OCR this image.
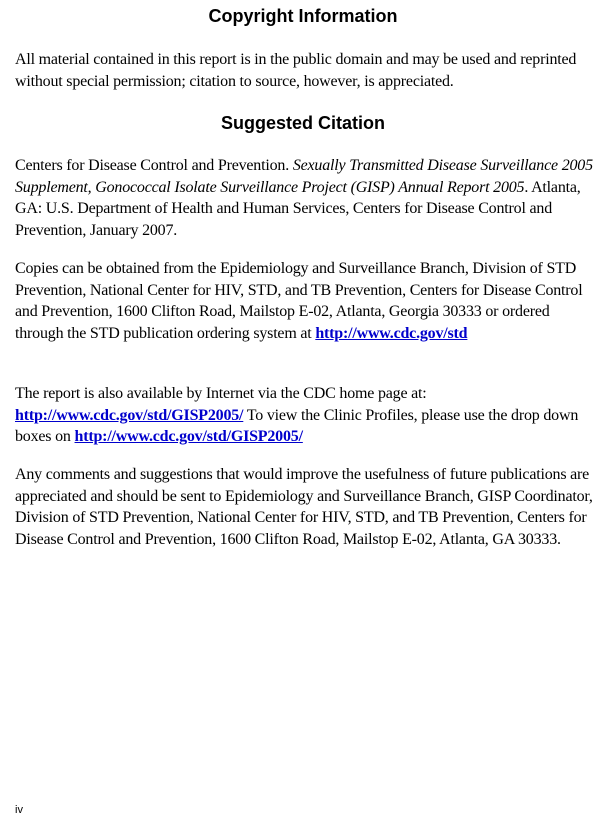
Copyright Information

All material contained in this report is in the public domain and may be used and reprinted without special permission; citation to source, however, is appreciated.

Suggested Citation

Centers for Disease Control and Prevention. Sexually Transmitted Disease Surveillance 2005 Supplement, Gonococcal Isolate Surveillance Project (GISP) Annual Report 2005. Atlanta, GA: U.S. Department of Health and Human Services, Centers for Disease Control and Prevention, January 2007.

Copies can be obtained from the Epidemiology and Surveillance Branch, Division of STD Prevention, National Center for HIV, STD, and TB Prevention, Centers for Disease Control and Prevention, 1600 Clifton Road, Mailstop E-02, Atlanta, Georgia 30333 or ordered through the STD publication ordering system at http://www.cdc.gov/std

The report is also available by Internet via the CDC home page at: http://www.cdc.gov/std/GISP2005/ To view the Clinic Profiles, please use the drop down boxes on http://www.cdc.gov/std/GISP2005/

Any comments and suggestions that would improve the usefulness of future publications are appreciated and should be sent to Epidemiology and Surveillance Branch, GISP Coordinator, Division of STD Prevention, National Center for HIV, STD, and TB Prevention, Centers for Disease Control and Prevention, 1600 Clifton Road, Mailstop E-02, Atlanta, GA 30333.

iv
